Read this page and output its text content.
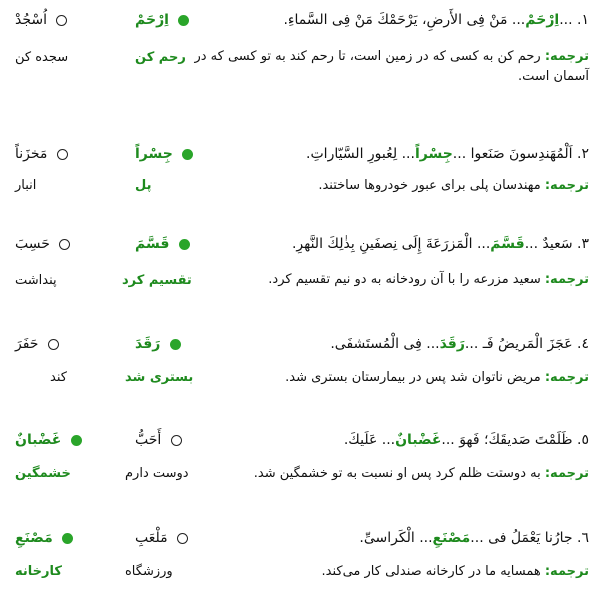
١. ...اِرْحَمْ... مَنْ فِی الأَرضِ، یَرْحَمْكَ مَنْ فِی السَّماءِ.
ترجمه: رحم کن به کسی که در زمین است، تا رحم کند به تو کسی که در آسمان است.
اِرْحَمْ
رحم کن
اُسْجُدْ
سجده کن
٢. اَلْمُهَندِسونَ صَنَعوا ...جِسْراً... لِعُبورِ السَّیّاراتِ.
ترجمه: مهندسان پلی برای عبور خودروها ساختند.
جِسْراً
پل
مَخزَناً
انبار
٣. سَعیدٌ ...قَسَّمَ... الْمَزرَعَةَ إِلَی نِصفَینِ بِذٰلِكَ النَّهرِ.
ترجمه: سعید مزرعه را با آن رودخانه به دو نیم تقسیم کرد.
قَسَّمَ
تقسیم کرد
حَسِبَ
پنداشت
٤. عَجَزَ الْمَریضُ فَـ ...رَقَدَ... فِی الْمُستَشفَی.
ترجمه: مریض ناتوان شد پس در بیمارستان بستری شد.
رَقَدَ
بستری شد
حَفَرَ
کند
٥. ظَلَمْتَ صَدیقَكَ؛ فَهوَ ...غَضْبانٌ... عَلَیكَ.
ترجمه: به دوستت ظلم کرد پس او نسبت به تو خشمگین شد.
أَحَبُّ
دوست دارم
غَضْبانٌ
خشمگین
٦. جارُنا یَعْمَلُ فی ...مَصْنَعِ... الْکَراسیِّ.
ترجمه: همسایه ما در کارخانه صندلی کار می‌کند.
مَلْعَبِ
ورزشگاه
مَصْنَعِ
کارخانه
